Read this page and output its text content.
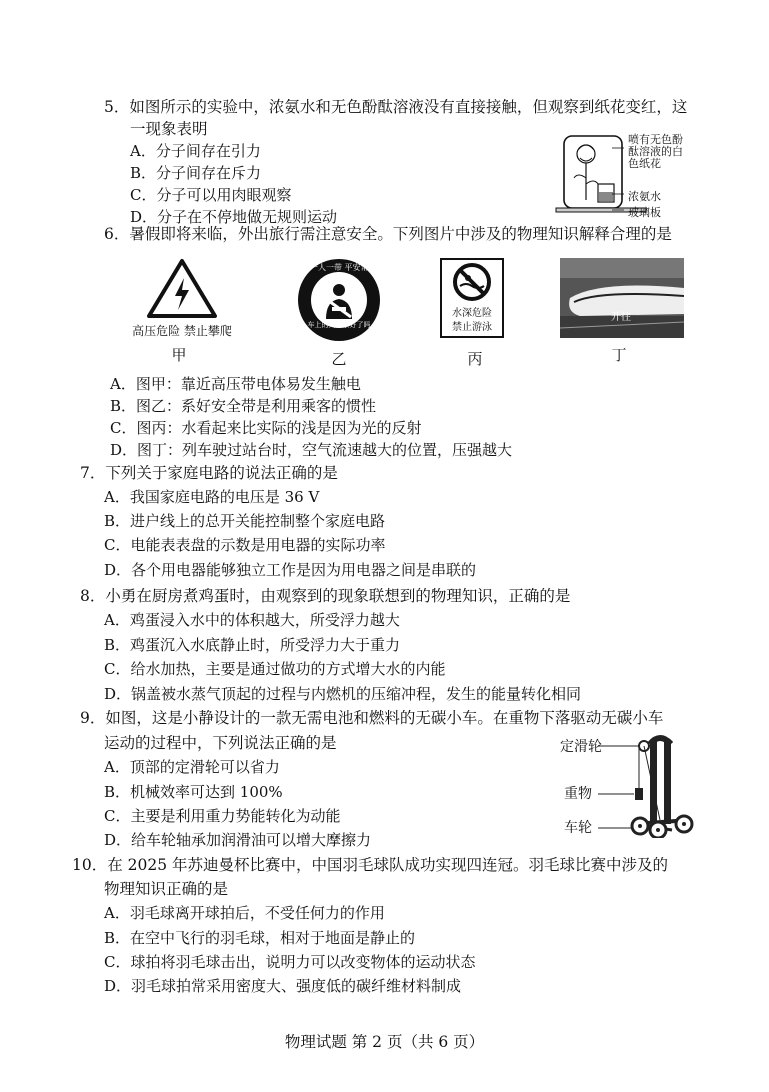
5．如图所示的实验中，浓氨水和无色酚酞溶液没有直接接触，但观察到纸花变红，这
一现象表明
A．分子间存在引力
B．分子间存在斥力
C．分子可以用肉眼观察
D．分子在不停地做无规则运动
喷有无色酚酞溶液的白色纸花
浓氨水
玻璃板
6．暑假即将来临，外出旅行需注意安全。下列图片中涉及的物理知识解释合理的是
高压危险 禁止攀爬
一人一带 平安常在
车上的人都系好了吗
水深危险
禁止游泳
开往
甲	乙	丙	丁
A．图甲：靠近高压带电体易发生触电
B．图乙：系好安全带是利用乘客的惯性
C．图丙：水看起来比实际的浅是因为光的反射
D．图丁：列车驶过站台时，空气流速越大的位置，压强越大
7．下列关于家庭电路的说法正确的是
A．我国家庭电路的电压是 36 V
B．进户线上的总开关能控制整个家庭电路
C．电能表表盘的示数是用电器的实际功率
D．各个用电器能够独立工作是因为用电器之间是串联的
8．小勇在厨房煮鸡蛋时，由观察到的现象联想到的物理知识，正确的是
A．鸡蛋浸入水中的体积越大，所受浮力越大
B．鸡蛋沉入水底静止时，所受浮力大于重力
C．给水加热，主要是通过做功的方式增大水的内能
D．锅盖被水蒸气顶起的过程与内燃机的压缩冲程，发生的能量转化相同
9．如图，这是小静设计的一款无需电池和燃料的无碳小车。在重物下落驱动无碳小车
运动的过程中，下列说法正确的是
A．顶部的定滑轮可以省力
B．机械效率可达到 100%
C．主要是利用重力势能转化为动能
D．给车轮轴承加润滑油可以增大摩擦力
定滑轮
重物
车轮
10．在 2025 年苏迪曼杯比赛中，中国羽毛球队成功实现四连冠。羽毛球比赛中涉及的
物理知识正确的是
A．羽毛球离开球拍后，不受任何力的作用
B．在空中飞行的羽毛球，相对于地面是静止的
C．球拍将羽毛球击出，说明力可以改变物体的运动状态
D．羽毛球拍常采用密度大、强度低的碳纤维材料制成
物理试题 第 2 页（共 6 页）
